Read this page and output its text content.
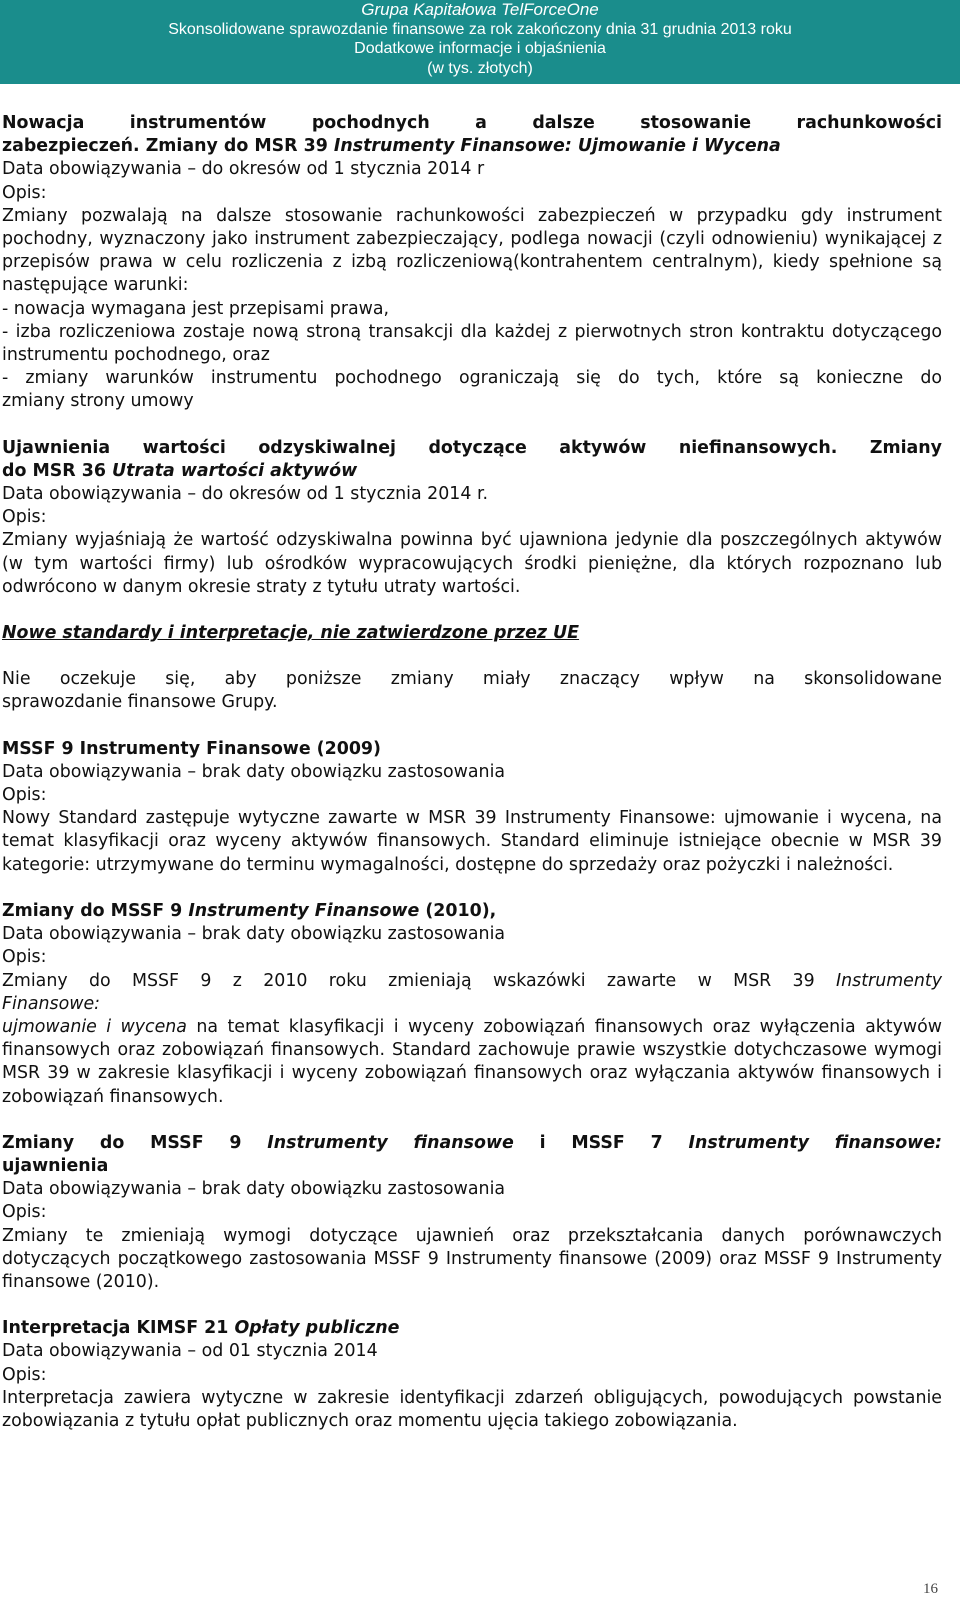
Grupa Kapitałowa TelForceOne
Skonsolidowane sprawozdanie finansowe za rok zakończony dnia 31 grudnia 2013 roku
Dodatkowe informacje i objaśnienia
(w tys. złotych)

Nowacja instrumentów pochodnych a dalsze stosowanie rachunkowości

zabezpieczeń. Zmiany do MSR 39 Instrumenty Finansowe: Ujmowanie i Wycena

Data obowiązywania – do okresów od 1 stycznia 2014 r

Opis:

Zmiany pozwalają na dalsze stosowanie rachunkowości zabezpieczeń w przypadku gdy instrument pochodny, wyznaczony jako instrument zabezpieczający, podlega nowacji (czyli odnowieniu) wynikającej z przepisów prawa w celu rozliczenia z izbą rozliczeniową(kontrahentem centralnym), kiedy spełnione są następujące warunki:

- nowacja wymagana jest przepisami prawa,

- izba rozliczeniowa zostaje nową stroną transakcji dla każdej z pierwotnych stron kontraktu dotyczącego instrumentu pochodnego, oraz

- zmiany warunków instrumentu pochodnego ograniczają się do tych, które są konieczne do

zmiany strony umowy

Ujawnienia wartości odzyskiwalnej dotyczące aktywów niefinansowych. Zmiany

do MSR 36 Utrata wartości aktywów

Data obowiązywania – do okresów od 1 stycznia 2014 r.

Opis:

Zmiany wyjaśniają że wartość odzyskiwalna powinna być ujawniona jedynie dla poszczególnych aktywów (w tym wartości firmy) lub ośrodków wypracowujących środki pieniężne, dla których rozpoznano lub odwrócono w danym okresie straty z tytułu utraty wartości.

Nowe standardy i interpretacje, nie zatwierdzone przez UE

Nie oczekuje się, aby poniższe zmiany miały znaczący wpływ na skonsolidowane

sprawozdanie finansowe Grupy.

MSSF 9 Instrumenty Finansowe (2009)

Data obowiązywania – brak daty obowiązku zastosowania

Opis:

Nowy Standard zastępuje wytyczne zawarte w MSR 39 Instrumenty Finansowe: ujmowanie i wycena, na temat klasyfikacji oraz wyceny aktywów finansowych. Standard eliminuje istniejące obecnie w MSR 39 kategorie: utrzymywane do terminu wymagalności, dostępne do sprzedaży oraz pożyczki i należności.

Zmiany do MSSF 9 Instrumenty Finansowe (2010),

Data obowiązywania – brak daty obowiązku zastosowania

Opis:

Zmiany do MSSF 9 z 2010 roku zmieniają wskazówki zawarte w MSR 39 Instrumenty

Finansowe:

ujmowanie i wycena na temat klasyfikacji i wyceny zobowiązań finansowych oraz wyłączenia aktywów finansowych oraz zobowiązań finansowych. Standard zachowuje prawie wszystkie dotychczasowe wymogi MSR 39 w zakresie klasyfikacji i wyceny zobowiązań finansowych oraz wyłączania aktywów finansowych i zobowiązań finansowych.

Zmiany do MSSF 9 Instrumenty finansowe i MSSF 7 Instrumenty finansowe:

ujawnienia

Data obowiązywania – brak daty obowiązku zastosowania

Opis:

Zmiany te zmieniają wymogi dotyczące ujawnień oraz przekształcania danych porównawczych dotyczących początkowego zastosowania MSSF 9 Instrumenty finansowe (2009) oraz MSSF 9 Instrumenty finansowe (2010).

Interpretacja KIMSF 21 Opłaty publiczne

Data obowiązywania – od 01 stycznia 2014

Opis:

Interpretacja zawiera wytyczne w zakresie identyfikacji zdarzeń obligujących, powodujących powstanie zobowiązania z tytułu opłat publicznych oraz momentu ujęcia takiego zobowiązania.

16
